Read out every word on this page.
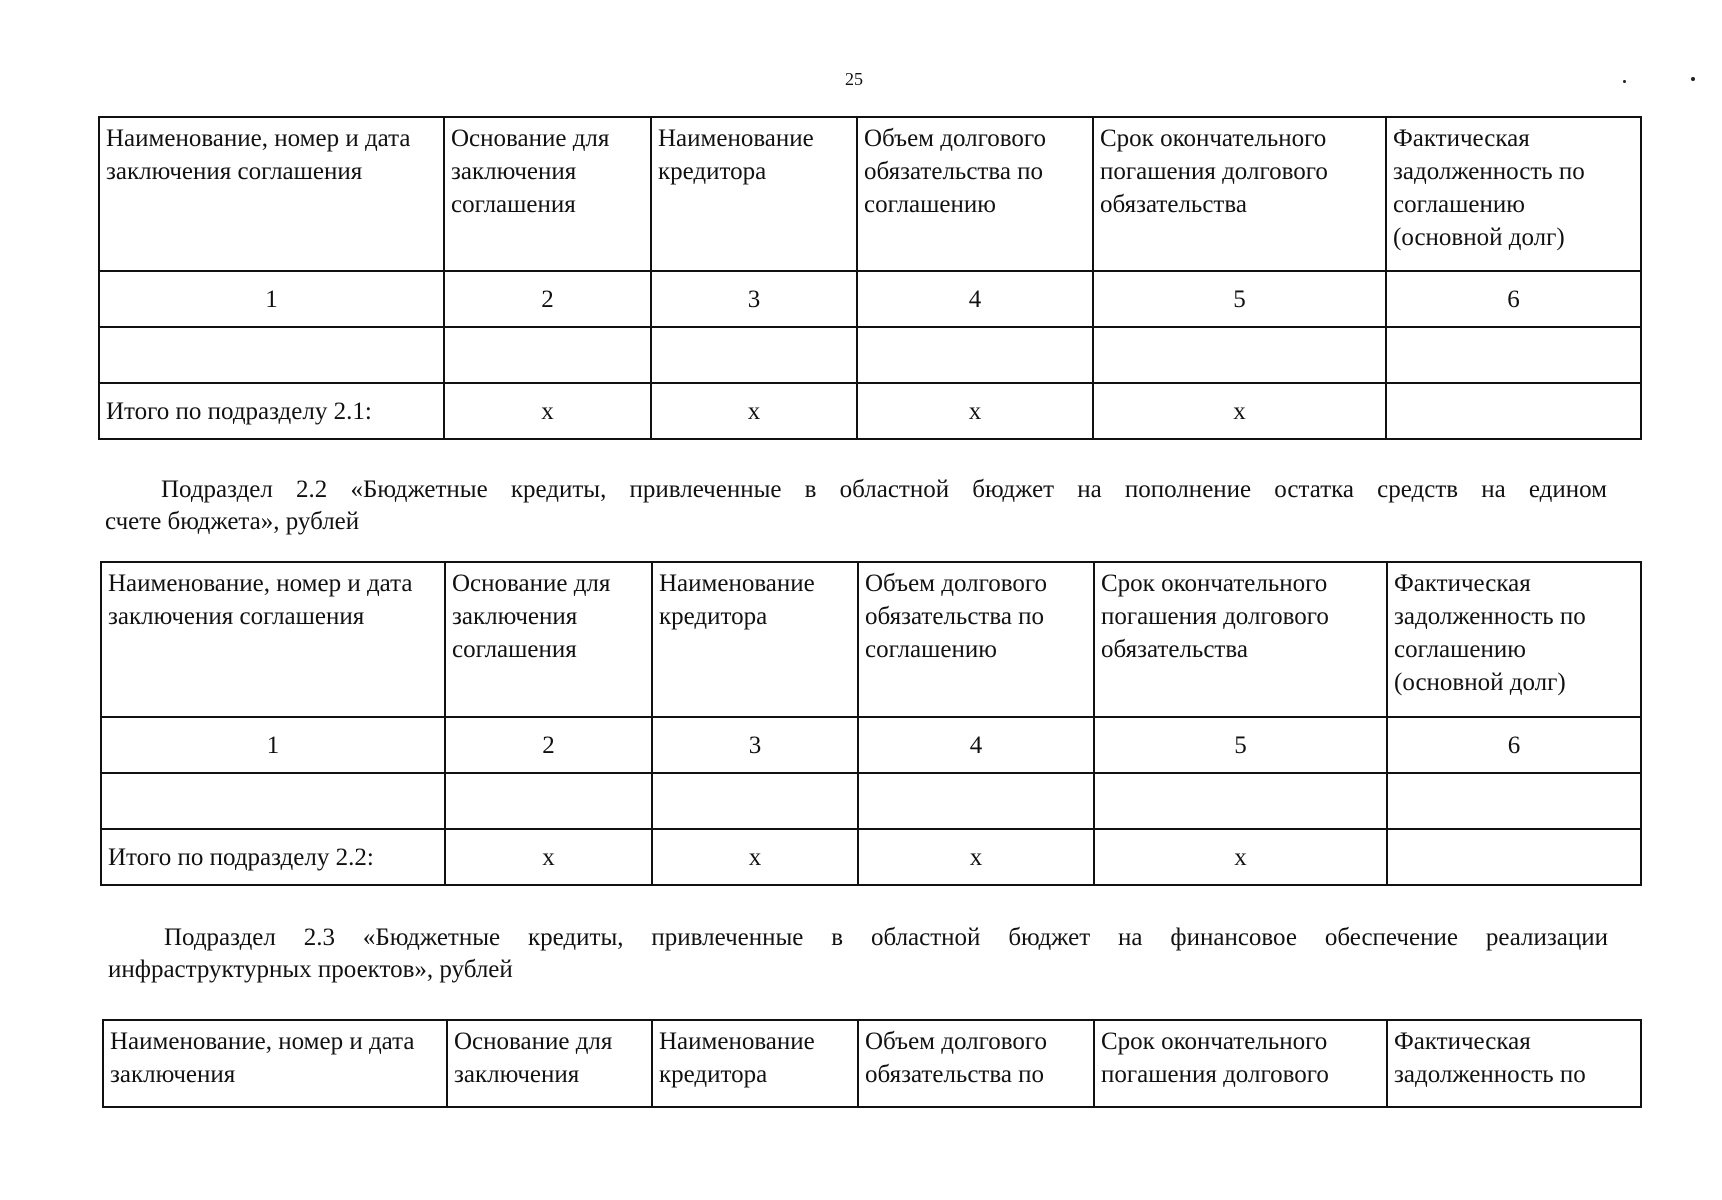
25
Наименование, номер и дата заключения соглашения	Основание для заключения соглашения	Наименование кредитора	Объем долгового обязательства по соглашению	Срок окончательного погашения долгового обязательства	Фактическая задолженность по соглашению (основной долг)
1	2	3	4	5	6

Итого по подразделу 2.1:	х	х	х	х	
Подраздел 2.2 «Бюджетные кредиты, привлеченные в областной бюджет на пополнение остатка средств на едином
счете бюджета», рублей
Наименование, номер и дата заключения соглашения	Основание для заключения соглашения	Наименование кредитора	Объем долгового обязательства по соглашению	Срок окончательного погашения долгового обязательства	Фактическая задолженность по соглашению (основной долг)
1	2	3	4	5	6

Итого по подразделу 2.2:	х	х	х	х	
Подраздел 2.3 «Бюджетные кредиты, привлеченные в областной бюджет на финансовое обеспечение реализации
инфраструктурных проектов», рублей
Наименование, номер и дата заключения	Основание для заключения	Наименование кредитора	Объем долгового обязательства по	Срок окончательного погашения долгового	Фактическая задолженность по
